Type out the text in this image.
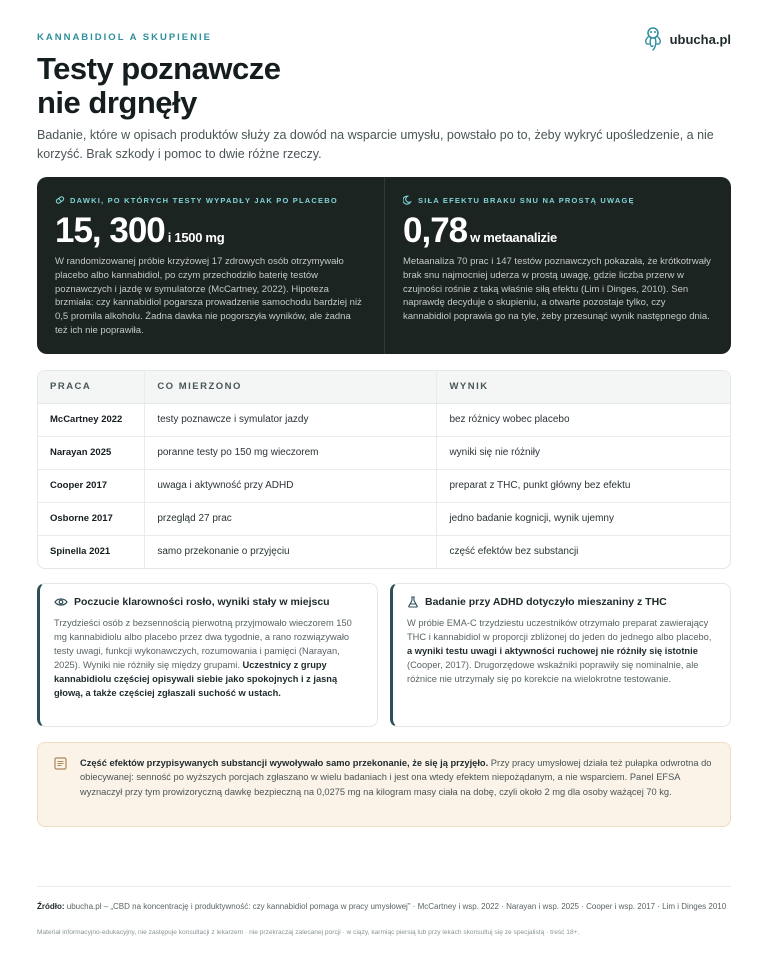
KANNABIDIOL A SKUPIENIE	ubucha.pl
Testy poznawcze
nie drgnęły

Badanie, które w opisach produktów służy za dowód na wsparcie umysłu, powstało po to, żeby wykryć upośledzenie, a nie korzyść. Brak szkody i pomoc to dwie różne rzeczy.

DAWKI, PO KTÓRYCH TESTY WYPADŁY JAK PO PLACEBO
15, 300 i 1500 mg

W randomizowanej próbie krzyżowej 17 zdrowych osób otrzymywało placebo albo kannabidiol, po czym przechodziło baterię testów poznawczych i jazdę w symulatorze (McCartney, 2022). Hipoteza brzmiała: czy kannabidiol pogarsza prowadzenie samochodu bardziej niż 0,5 promila alkoholu. Żadna dawka nie pogorszyła wyników, ale żadna też ich nie poprawiła.

SIŁA EFEKTU BRAKU SNU NA PROSTĄ UWAGĘ
0,78 w metaanalizie

Metaanaliza 70 prac i 147 testów poznawczych pokazała, że krótkotrwały brak snu najmocniej uderza w prostą uwagę, gdzie liczba przerw w czujności rośnie z taką właśnie siłą efektu (Lim i Dinges, 2010). Sen naprawdę decyduje o skupieniu, a otwarte pozostaje tylko, czy kannabidiol poprawia go na tyle, żeby przesunąć wynik następnego dnia.

PRACA	CO MIERZONO	WYNIK
McCartney 2022	testy poznawcze i symulator jazdy	bez różnicy wobec placebo
Narayan 2025	poranne testy po 150 mg wieczorem	wyniki się nie różniły
Cooper 2017	uwaga i aktywność przy ADHD	preparat z THC, punkt główny bez efektu
Osborne 2017	przegląd 27 prac	jedno badanie kognicji, wynik ujemny
Spinella 2021	samo przekonanie o przyjęciu	część efektów bez substancji
Poczucie klarowności rosło, wyniki stały w miejscu

Trzydzieści osób z bezsennością pierwotną przyjmowało wieczorem 150 mg kannabidiolu albo placebo przez dwa tygodnie, a rano rozwiązywało testy uwagi, funkcji wykonawczych, rozumowania i pamięci (Narayan, 2025). Wyniki nie różniły się między grupami. Uczestnicy z grupy kannabidiolu częściej opisywali siebie jako spokojnych i z jasną głową, a także częściej zgłaszali suchość w ustach.

Badanie przy ADHD dotyczyło mieszaniny z THC

W próbie EMA-C trzydziestu uczestników otrzymało preparat zawierający THC i kannabidiol w proporcji zbliżonej do jeden do jednego albo placebo, a wyniki testu uwagi i aktywności ruchowej nie różniły się istotnie (Cooper, 2017). Drugorzędowe wskaźniki poprawiły się nominalnie, ale różnice nie utrzymały się po korekcie na wielokrotne testowanie.

Część efektów przypisywanych substancji wywoływało samo przekonanie, że się ją przyjęło. Przy pracy umysłowej działa też pułapka odwrotna do obiecywanej: senność po wyższych porcjach zgłaszano w wielu badaniach i jest ona wtedy efektem niepożądanym, a nie wsparciem. Panel EFSA wyznaczył przy tym prowizoryczną dawkę bezpieczną na 0,0275 mg na kilogram masy ciała na dobę, czyli około 2 mg dla osoby ważącej 70 kg.

Źródło: ubucha.pl – „CBD na koncentrację i produktywność: czy kannabidiol pomaga w pracy umysłowej” · McCartney i wsp. 2022 · Narayan i wsp. 2025 · Cooper i wsp. 2017 · Lim i Dinges 2010

Materiał informacyjno-edukacyjny, nie zastępuje konsultacji z lekarzem · nie przekraczaj zalecanej porcji · w ciąży, karmiąc piersią lub przy lekach skonsultuj się ze specjalistą · treść 18+.
